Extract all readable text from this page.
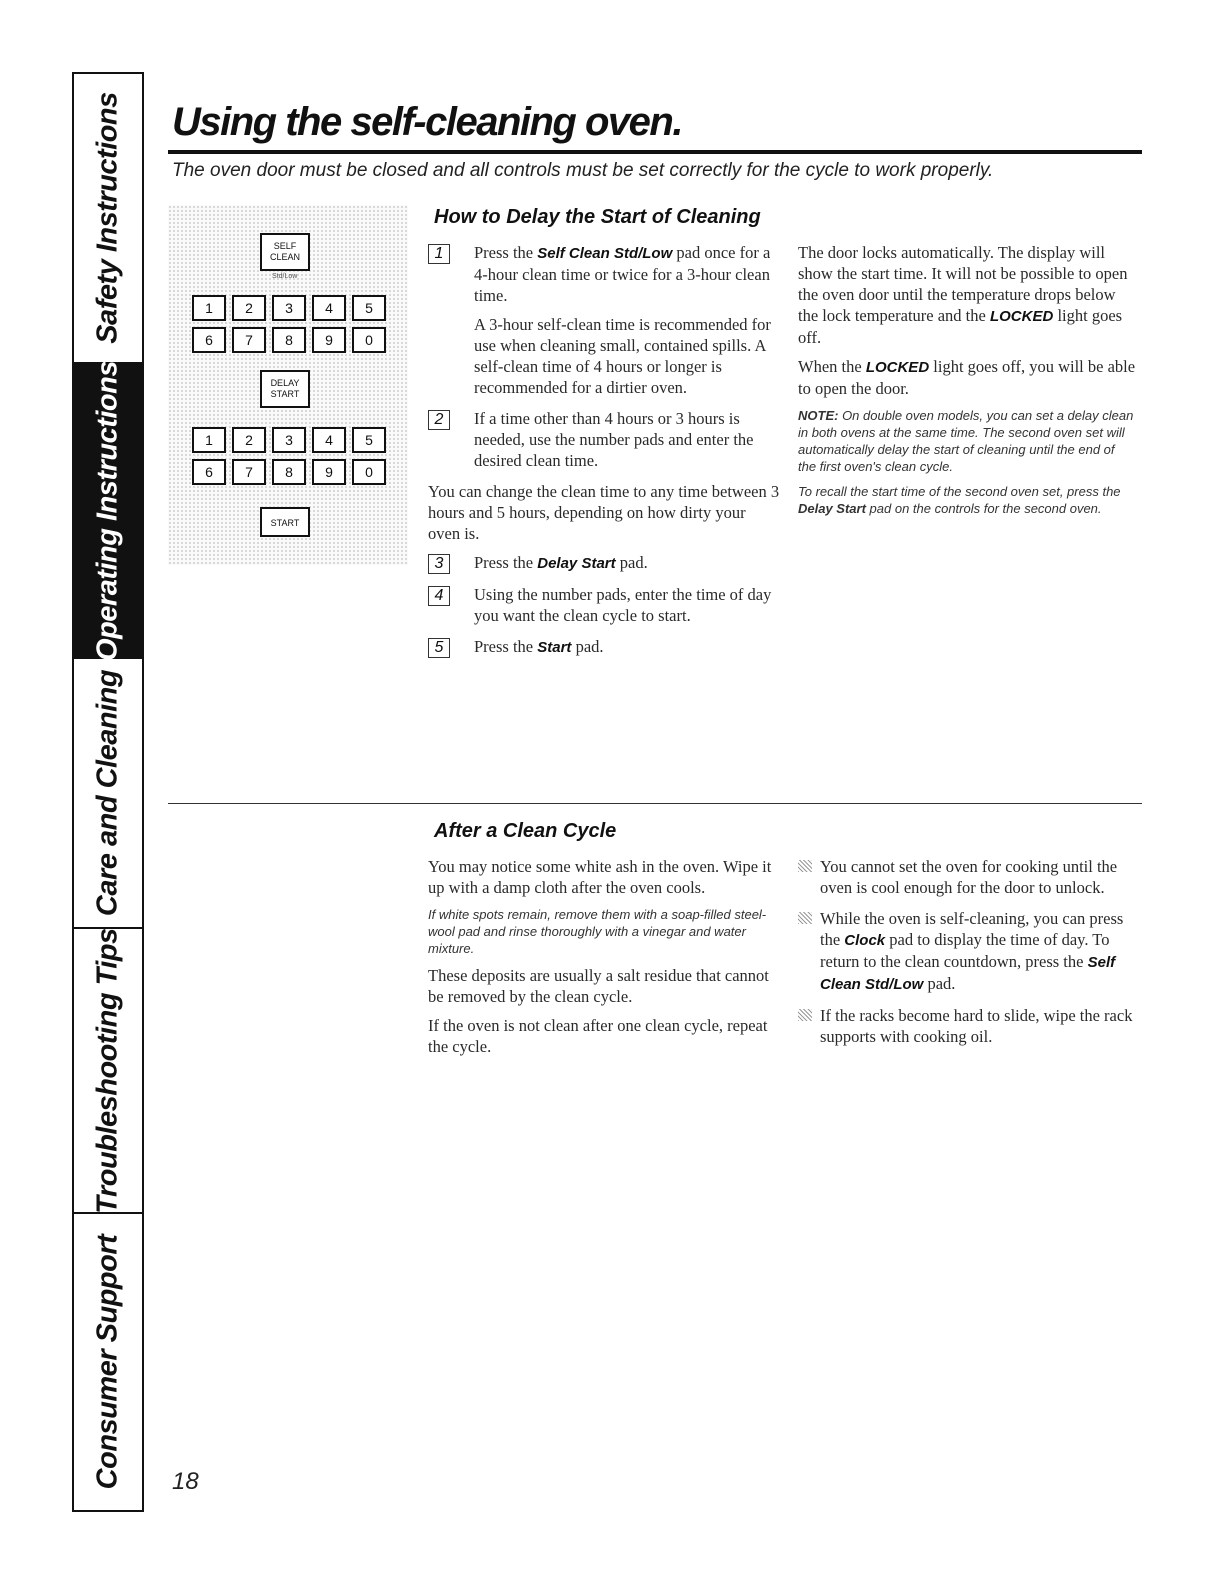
Safety Instructions
Operating Instructions
Care and Cleaning
Troubleshooting Tips
Consumer Support
Using the self-cleaning oven.
The oven door must be closed and all controls must be set correctly for the cycle to work properly.
SELF CLEAN
Std/Low
1	2	3	4	5
6	7	8	9	0
DELAY START
1	2	3	4	5
6	7	8	9	0
START
How to Delay the Start of Cleaning
1	Press the Self Clean Std/Low pad once for a 4-hour clean time or twice for a 3-hour clean time.

A 3-hour self-clean time is recommended for use when cleaning small, contained spills. A self-clean time of 4 hours or longer is recommended for a dirtier oven.

2	If a time other than 4 hours or 3 hours is needed, use the number pads and enter the desired clean time.

You can change the clean time to any time between 3 hours and 5 hours, depending on how dirty your oven is.

3	Press the Delay Start pad.

4	Using the number pads, enter the time of day you want the clean cycle to start.

5	Press the Start pad.

The door locks automatically. The display will show the start time. It will not be possible to open the oven door until the temperature drops below the lock temperature and the LOCKED light goes off.

When the LOCKED light goes off, you will be able to open the door.

NOTE: On double oven models, you can set a delay clean in both ovens at the same time. The second oven set will automatically delay the start of cleaning until the end of the first oven's clean cycle.

To recall the start time of the second oven set, press the Delay Start pad on the controls for the second oven.

After a Clean Cycle

You may notice some white ash in the oven. Wipe it up with a damp cloth after the oven cools.

If white spots remain, remove them with a soap-filled steel-wool pad and rinse thoroughly with a vinegar and water mixture.

These deposits are usually a salt residue that cannot be removed by the clean cycle.

If the oven is not clean after one clean cycle, repeat the cycle.

You cannot set the oven for cooking until the oven is cool enough for the door to unlock.
While the oven is self-cleaning, you can press the Clock pad to display the time of day. To return to the clean countdown, press the Self Clean Std/Low pad.
If the racks become hard to slide, wipe the rack supports with cooking oil.
18
